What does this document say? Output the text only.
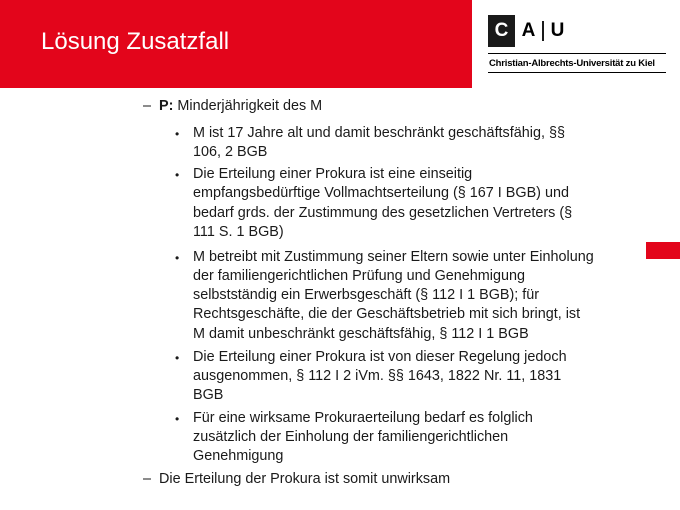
Lösung Zusatzfall	C A U
Christian-Albrechts-Universität zu Kiel
– P: Minderjährigkeit des M
• M ist 17 Jahre alt und damit beschränkt geschäftsfähig, §§
106, 2 BGB
• Die Erteilung einer Prokura ist eine einseitig
empfangsbedürftige Vollmachtserteilung (§ 167 I BGB) und
bedarf grds. der Zustimmung des gesetzlichen Vertreters (§
111 S. 1 BGB)
• M betreibt mit Zustimmung seiner Eltern sowie unter Einholung
der familiengerichtlichen Prüfung und Genehmigung
selbstständig ein Erwerbsgeschäft (§ 112 I 1 BGB); für
Rechtsgeschäfte, die der Geschäftsbetrieb mit sich bringt, ist
M damit unbeschränkt geschäftsfähig, § 112 I 1 BGB
• Die Erteilung einer Prokura ist von dieser Regelung jedoch
ausgenommen, § 112 I 2 iVm. §§ 1643, 1822 Nr. 11, 1831
BGB
• Für eine wirksame Prokuraerteilung bedarf es folglich
zusätzlich der Einholung der familiengerichtlichen
Genehmigung
– Die Erteilung der Prokura ist somit unwirksam
